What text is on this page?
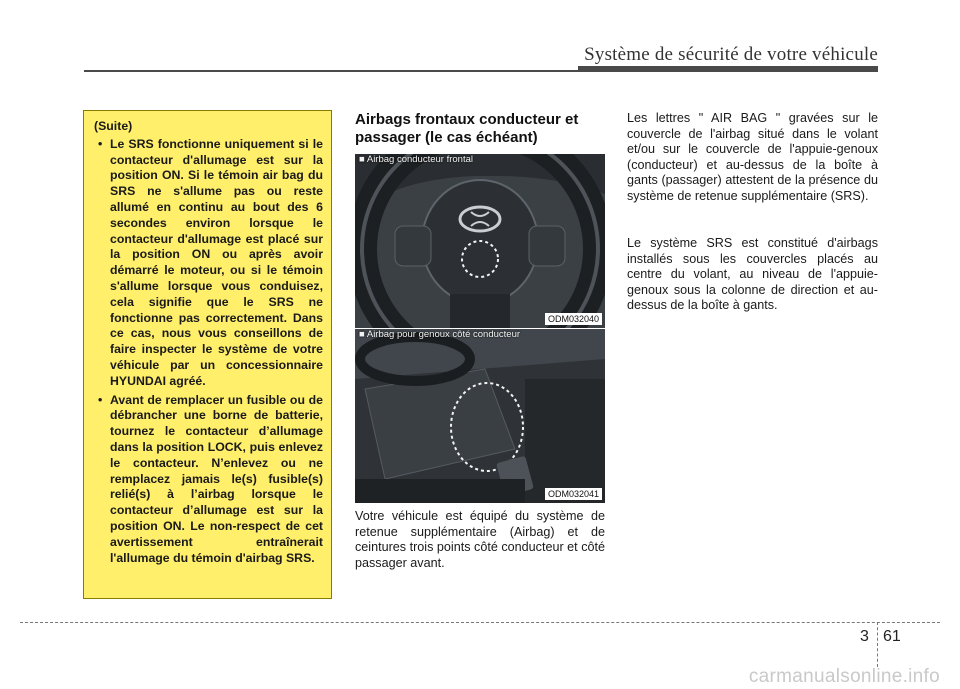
Système de sécurité de votre véhicule
(Suite)
• Le SRS fonctionne uniquement si le contacteur d'allumage est sur la position ON. Si le témoin air bag du SRS ne s'allume pas ou reste allumé en continu au bout des 6 secondes environ lorsque le contacteur d'allumage est placé sur la position ON ou après avoir démarré le moteur, ou si le témoin s'allume lorsque vous conduisez, cela signifie que le SRS ne fonctionne pas correctement. Dans ce cas, nous vous conseillons de faire inspecter le système de votre véhicule par un concessionnaire HYUNDAI agréé.
• Avant de remplacer un fusible ou de débrancher une borne de batterie, tournez le contacteur d’allumage dans la position LOCK, puis enlevez le contacteur. N’enlevez ou ne remplacez jamais le(s) fusible(s) relié(s) à l’airbag lorsque le contacteur d’allumage est sur la position ON. Le non-respect de cet avertissement entraînerait l'allumage du témoin d'airbag SRS.
Airbags frontaux conducteur et passager (le cas échéant)
■ Airbag conducteur frontal
ODM032040
■ Airbag pour genoux côté conducteur
ODM032041
Votre véhicule est équipé du système de retenue supplémentaire (Airbag) et de ceintures trois points côté conducteur et côté passager avant.
Les lettres " AIR BAG " gravées sur le couvercle de l'airbag situé dans le volant et/ou sur le couvercle de l'appuie-genoux (conducteur) et au-dessus de la boîte à gants (passager) attestent de la présence du système de retenue supplémentaire (SRS).
Le système SRS est constitué d'airbags installés sous les couvercles placés au centre du volant, au niveau de l'appuie-genoux sous la colonne de direction et au-dessus de la boîte à gants.
3 61
carmanualsonline.info
